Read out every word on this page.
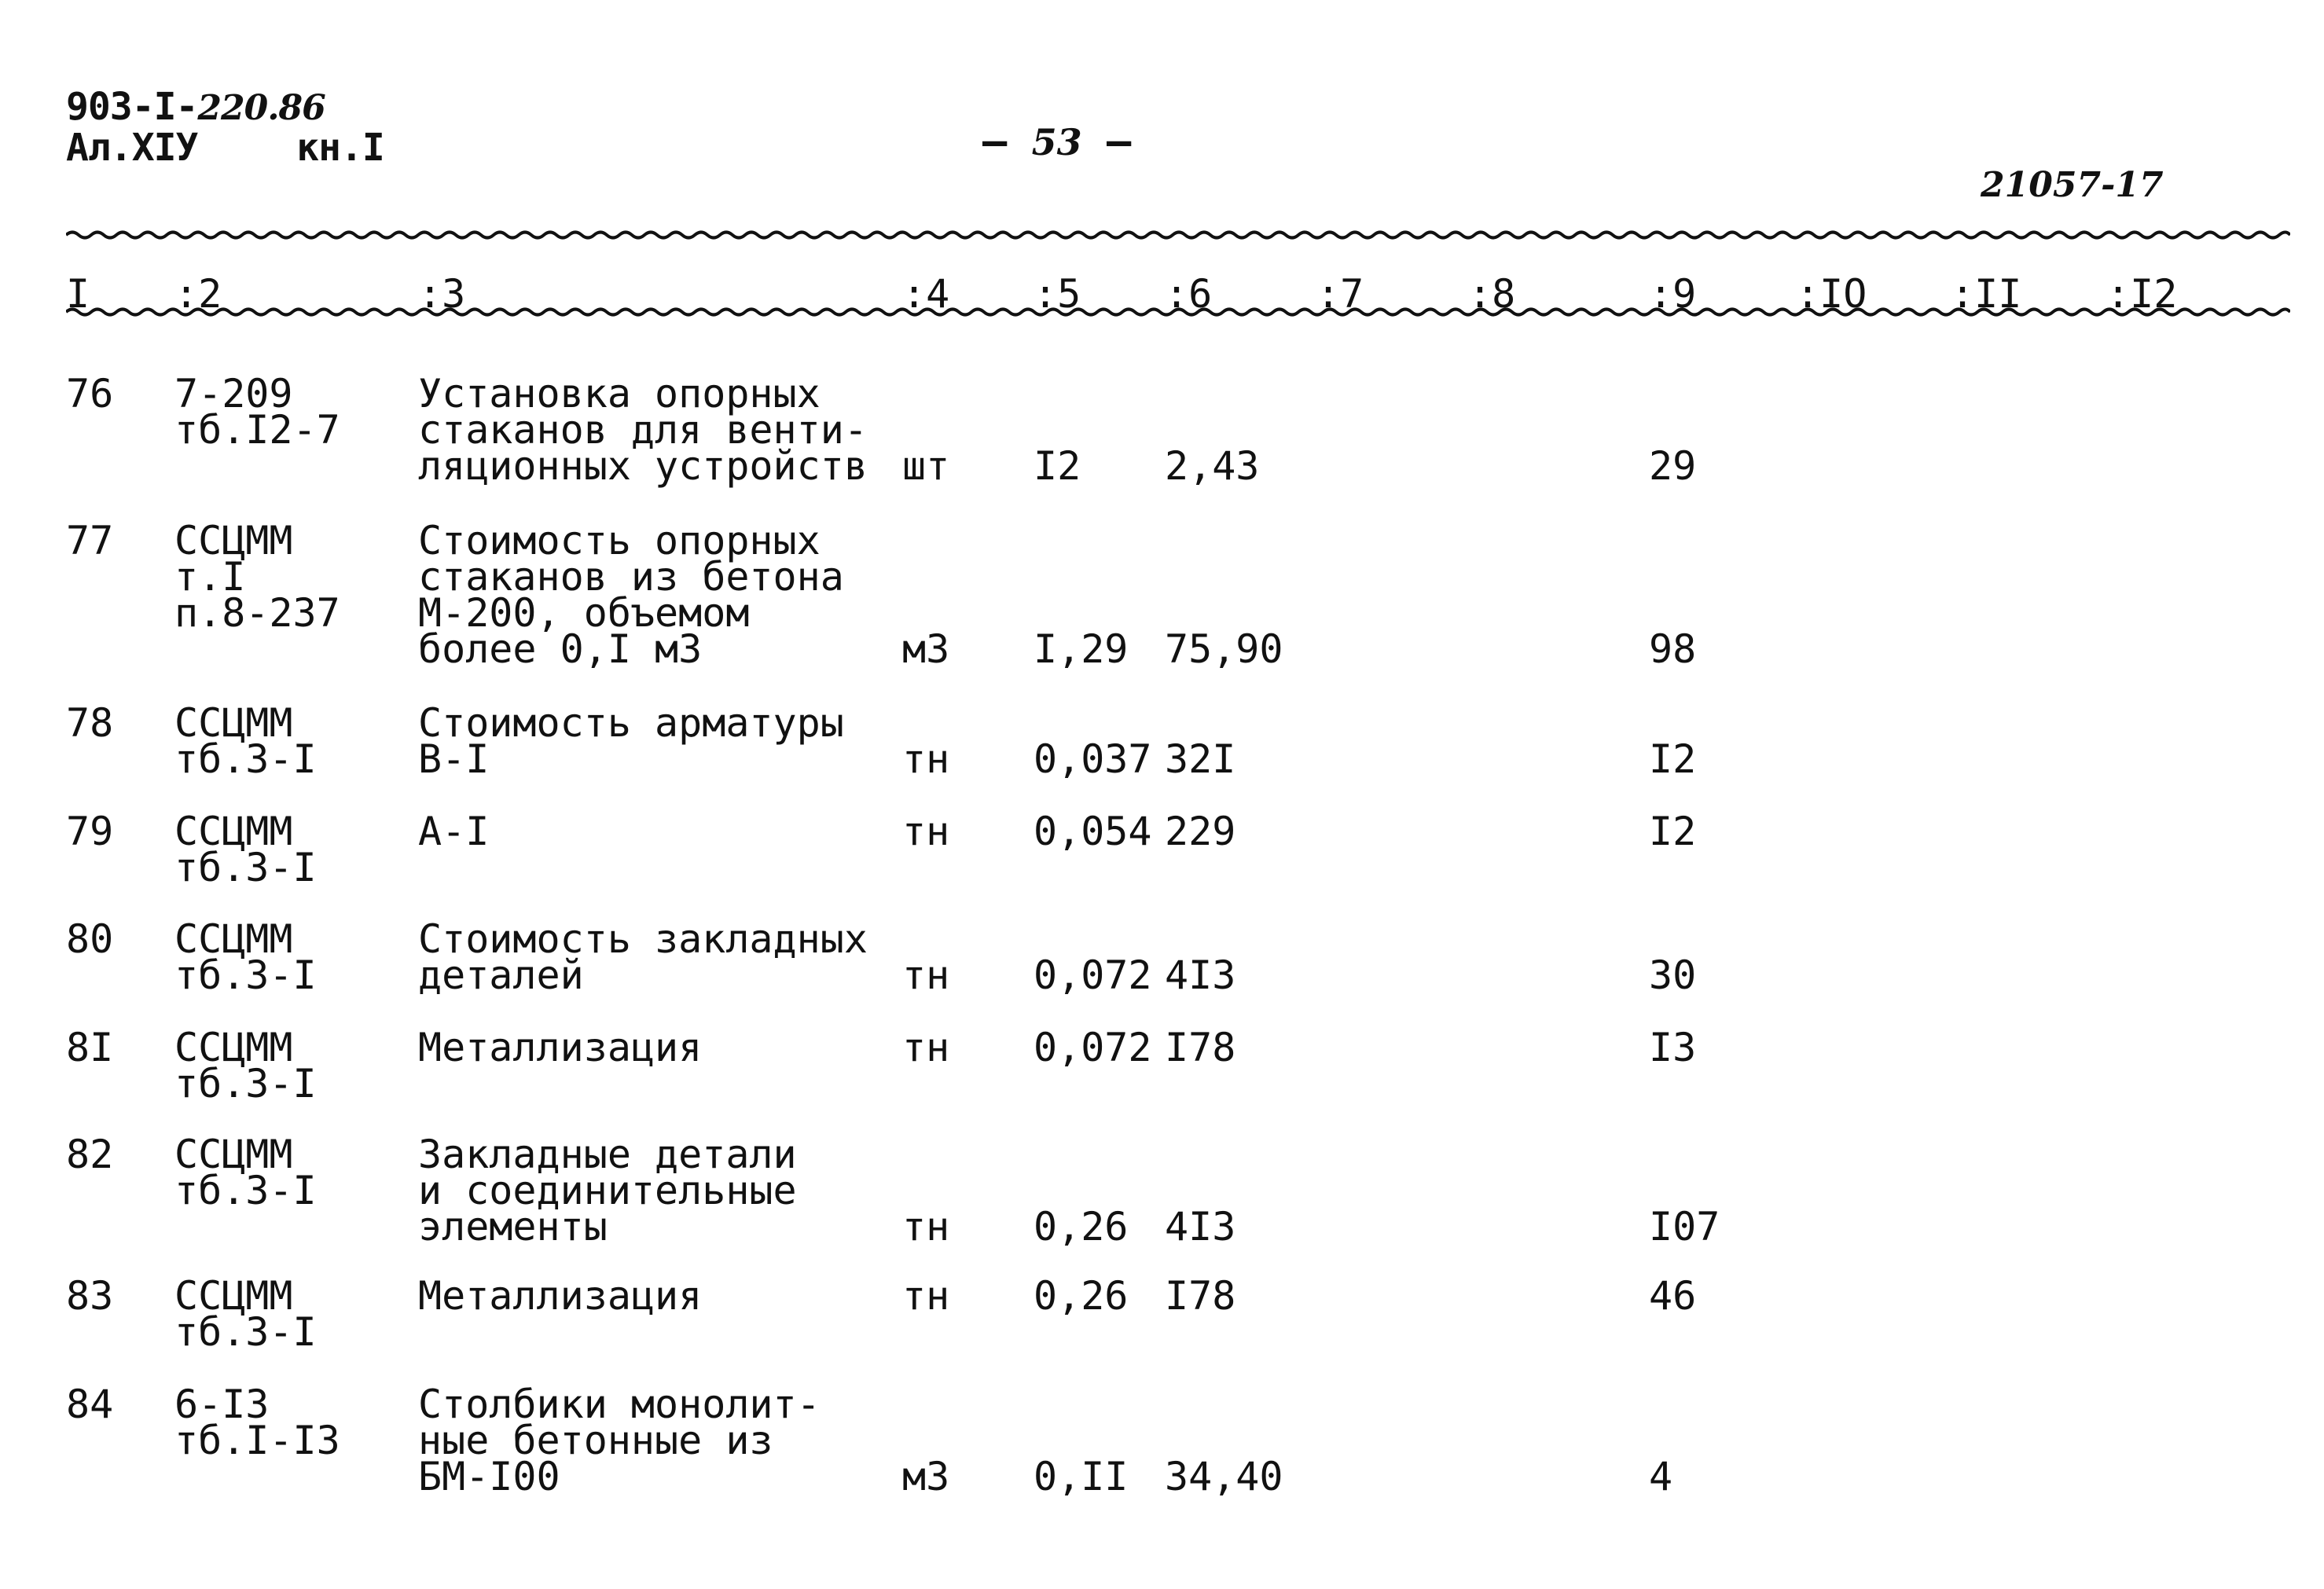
903-I-220.86
Ал.XIУ	кн.I	– 53 –
21057-17
I :2	:3	:4 :5 :6	:7	:8	:9	:IO :II :I2
76 7-209
тб.I2-7
Установка опорных
стаканов для венти-
ляционных устройств шт I2 2,43	29
77 ССЦММ
т.I
п.8-237
Стоимость опорных
стаканов из бетона
М-200, объемом
более 0,I м3	м3 I,29 75,90	98
78 ССЦММ
тб.3-I
Стоимость арматуры
В-I	тн 0,037 32I	I2
79 ССЦММ
тб.3-I
А-I	тн 0,054 229	I2
80 ССЦММ
тб.3-I
Стоимость закладных
деталей	тн 0,072 4I3	30
8I ССЦММ
тб.3-I
Металлизация	тн 0,072 I78	I3
82 ССЦММ
тб.3-I
Закладные детали
и соединительные
элементы	тн 0,26 4I3	I07
83 ССЦММ
тб.3-I
Металлизация	тн 0,26 I78	46
84 6-I3
тб.I-I3
Столбики монолит-
ные бетонные из
БМ-I00	м3 0,II 34,40	4
